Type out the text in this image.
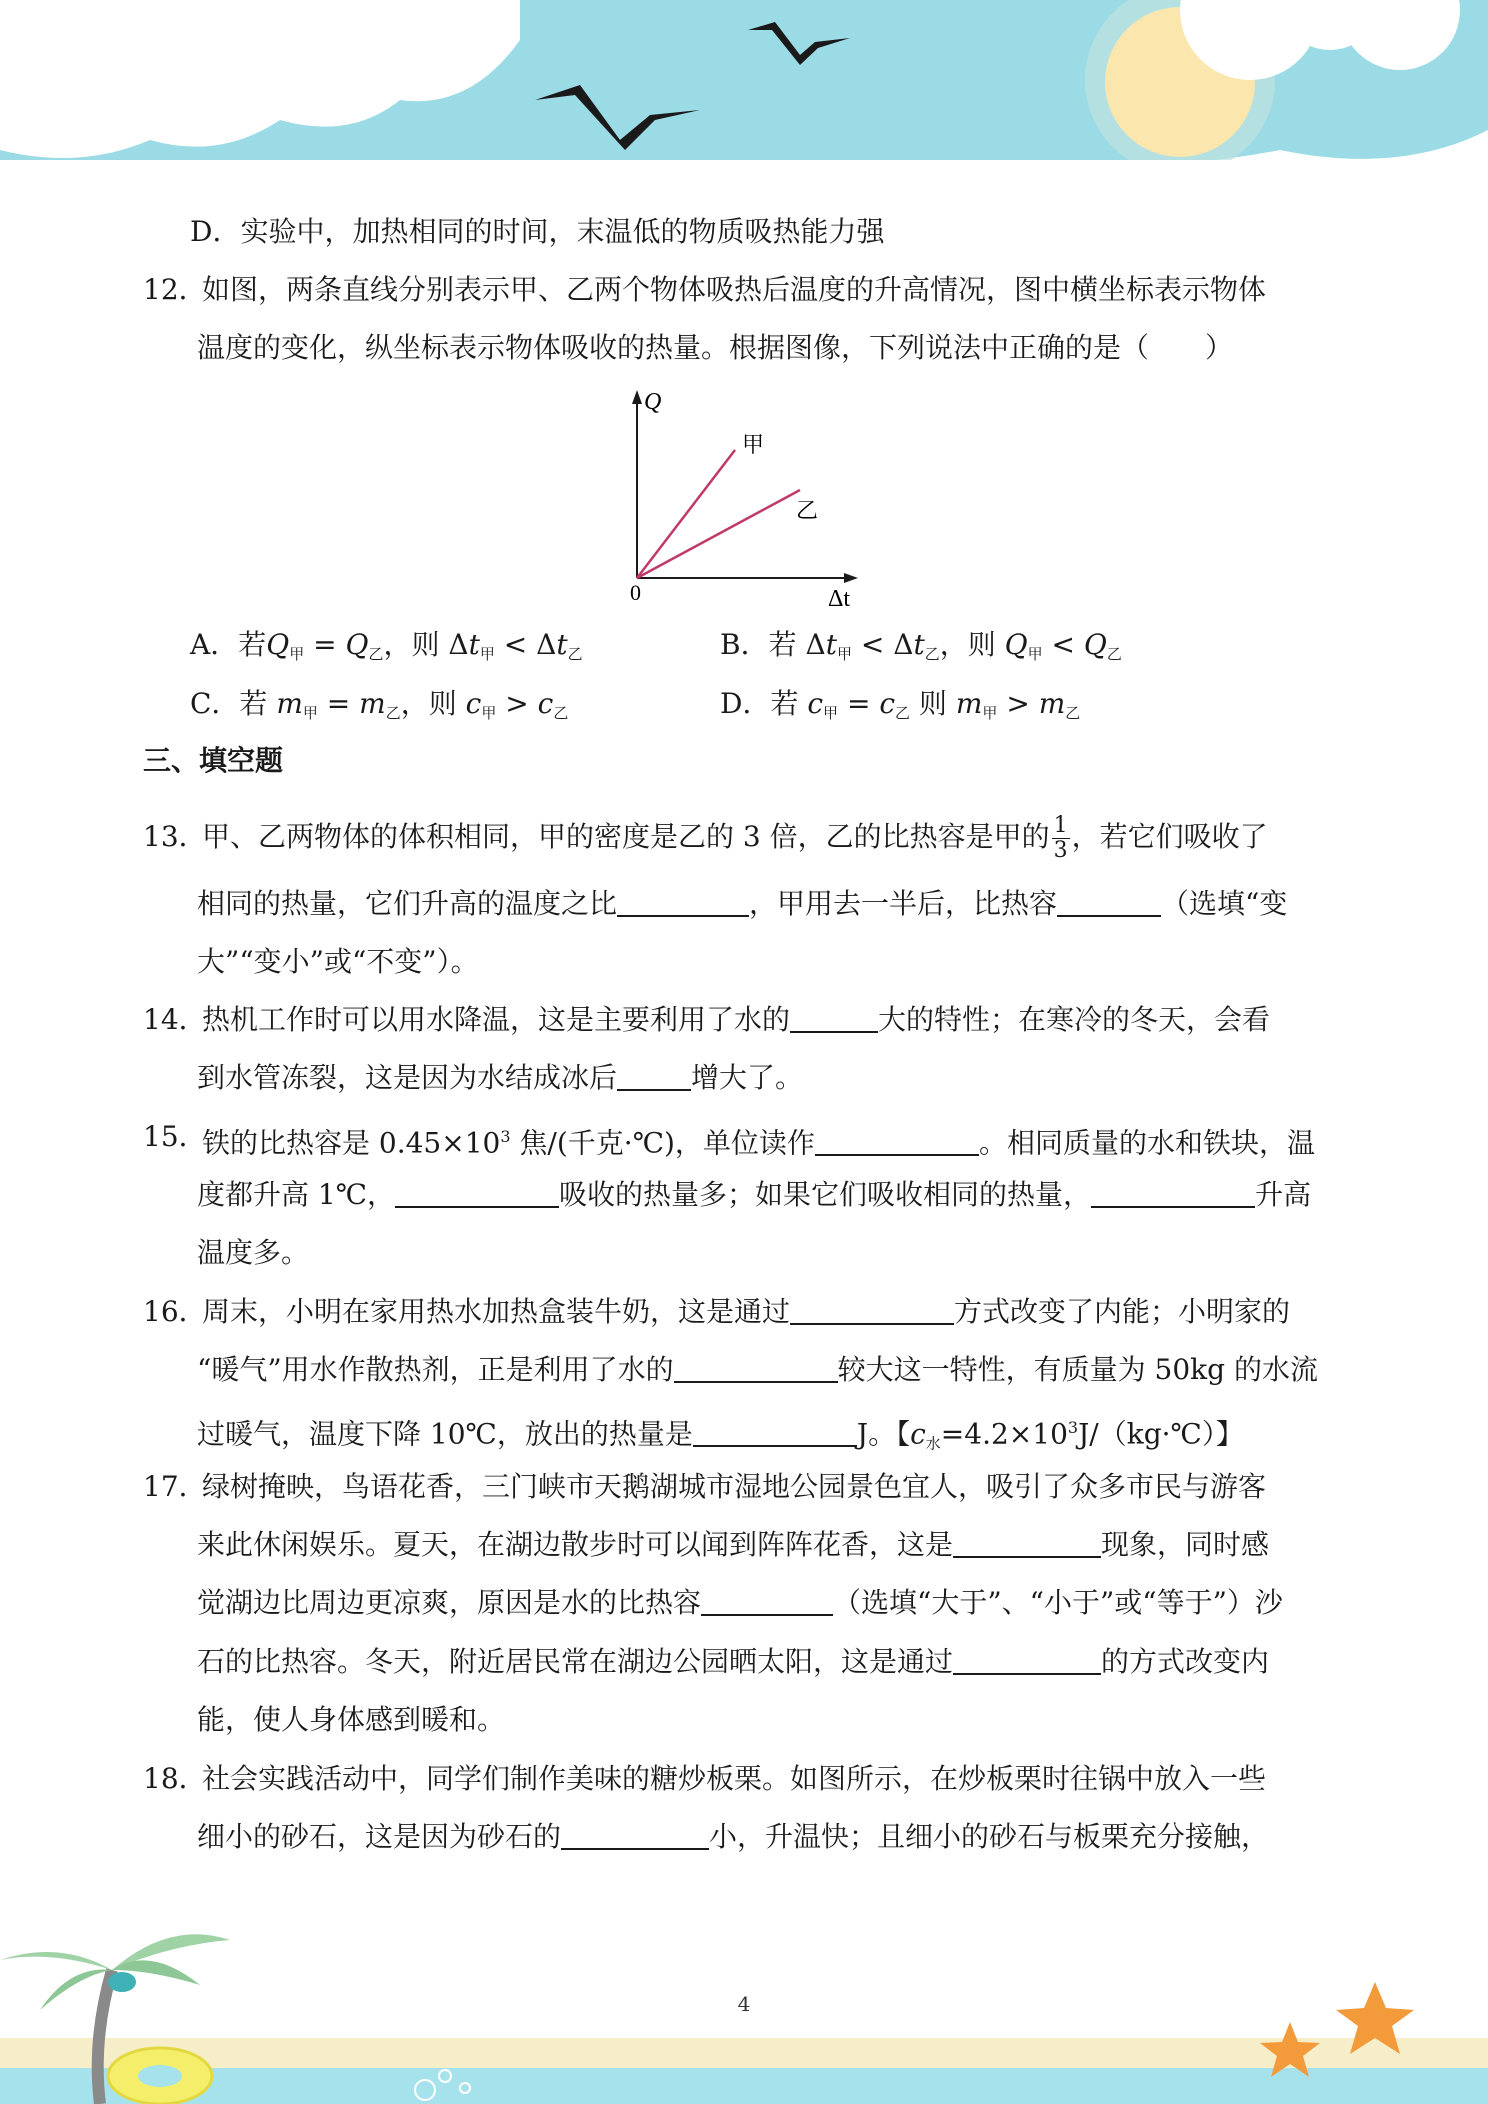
D．实验中，加热相同的时间，末温低的物质吸热能力强
12．
如图，两条直线分别表示甲、乙两个物体吸热后温度的升高情况，图中横坐标表示物体
温度的变化，纵坐标表示物体吸收的热量。根据图像，下列说法中正确的是（　　）
Q
Δt
0
甲
乙
A．若$Q_甲 = Q_乙$，则 $\Delta t_甲 < \Delta t_乙$	B．若 $\Delta t_甲 < \Delta t_乙$，则 $Q_甲 < Q_乙$
C．若 $m_甲 = m_乙$，则 $c_甲 > c_乙$	D．若 $c_甲 = c_乙$ 则 $m_甲 > m_乙$
三、填空题
13．
甲、乙两物体的体积相同，甲的密度是乙的 3 倍，乙的比热容是甲的 $\frac{1}{3}$ ，若它们吸收了
相同的热量，它们升高的温度之比	，甲用去一半后，比热容	（选填“变
大”“变小”或“不变”）。
14．
热机工作时可以用水降温，这是主要利用了水的	大的特性；在寒冷的冬天，会看
到水管冻裂，这是因为水结成冰后	增大了。
15．
铁的比热容是 $0.45\times 10^3$ 焦/(千克·℃)，单位读作	。相同质量的水和铁块，温
度都升高 1℃，	吸收的热量多；如果它们吸收相同的热量，	升高
温度多。
16．
周末，小明在家用热水加热盒装牛奶，这是通过	方式改变了内能；小明家的
“暖气”用水作散热剂，正是利用了水的	较大这一特性，有质量为 50kg 的水流
过暖气，温度下降 10℃，放出的热量是	J。【$c_水=4.2\times 10^3J/(kg\cdot℃)$】
17．
绿树掩映，鸟语花香，三门峡市天鹅湖城市湿地公园景色宜人，吸引了众多市民与游客
来此休闲娱乐。夏天，在湖边散步时可以闻到阵阵花香，这是	现象，同时感
觉湖边比周边更凉爽，原因是水的比热容	（选填“大于”、“小于”或“等于”）沙
石的比热容。冬天，附近居民常在湖边公园晒太阳，这是通过	的方式改变内
能，使人身体感到暖和。
18．
社会实践活动中，同学们制作美味的糖炒板栗。如图所示，在炒板栗时往锅中放入一些
细小的砂石，这是因为砂石的	小，升温快；且细小的砂石与板栗充分接触，
4
